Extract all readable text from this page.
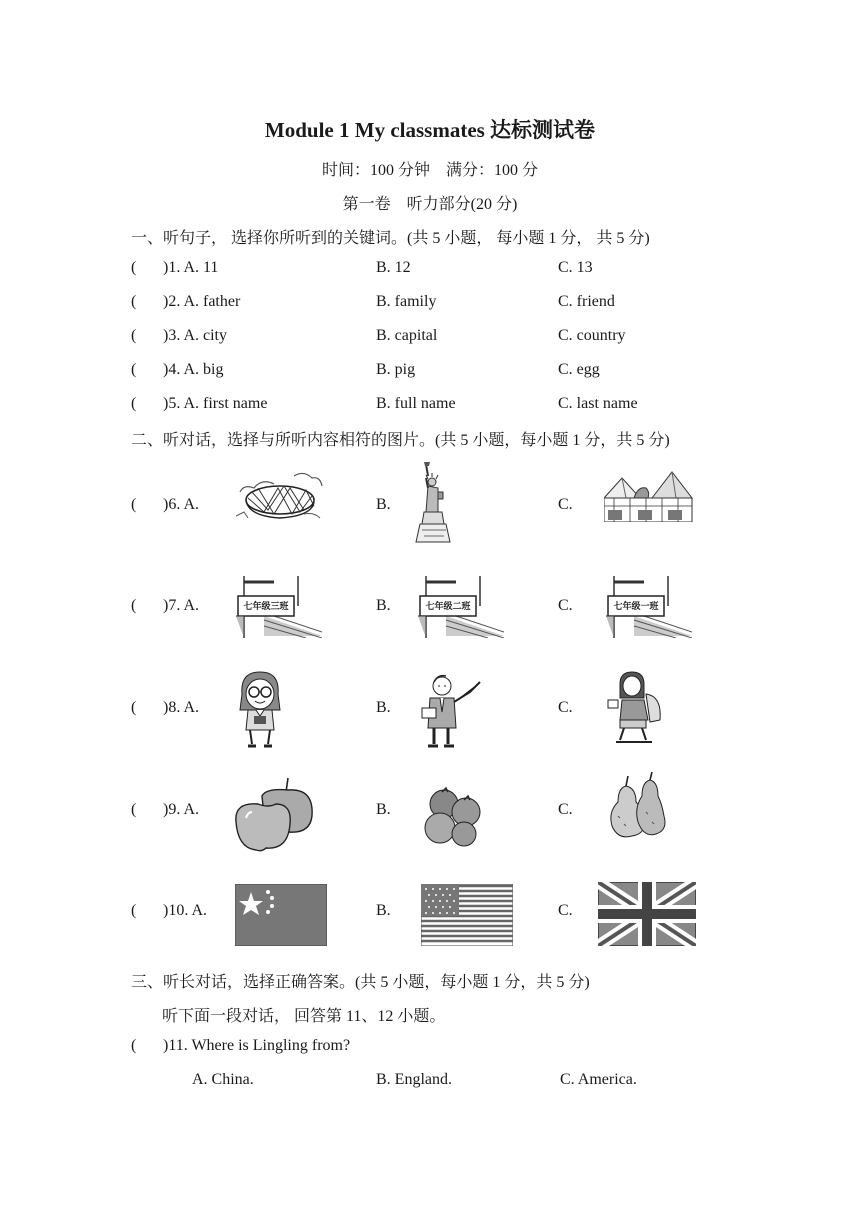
Module 1 My classmates 达标测试卷
时间：100 分钟　满分：100 分
第一卷　听力部分(20 分)
一、听句子， 选择你所听到的关键词。(共 5 小题， 每小题 1 分， 共 5 分)
( )1. A. 11	B. 12	C. 13
( )2. A. father	B. family	C. friend
( )3. A. city	B. capital	C. country
( )4. A. big	B. pig	C. egg
( )5. A. first name	B. full name	C. last name
二、听对话，选择与所听内容相符的图片。(共 5 小题，每小题 1 分，共 5 分)
( )6. A.	B.	C.
( )7. A.	B.	C.
七年级三班	七年级二班	七年级一班
( )8. A.	B.	C.
( )9. A.	B.	C.
( )10. A.	B.	C.
三、听长对话，选择正确答案。(共 5 小题，每小题 1 分，共 5 分)
听下面一段对话， 回答第 11、12 小题。
( )11. Where is Lingling from?
A. China.	B. England.	C. America.
